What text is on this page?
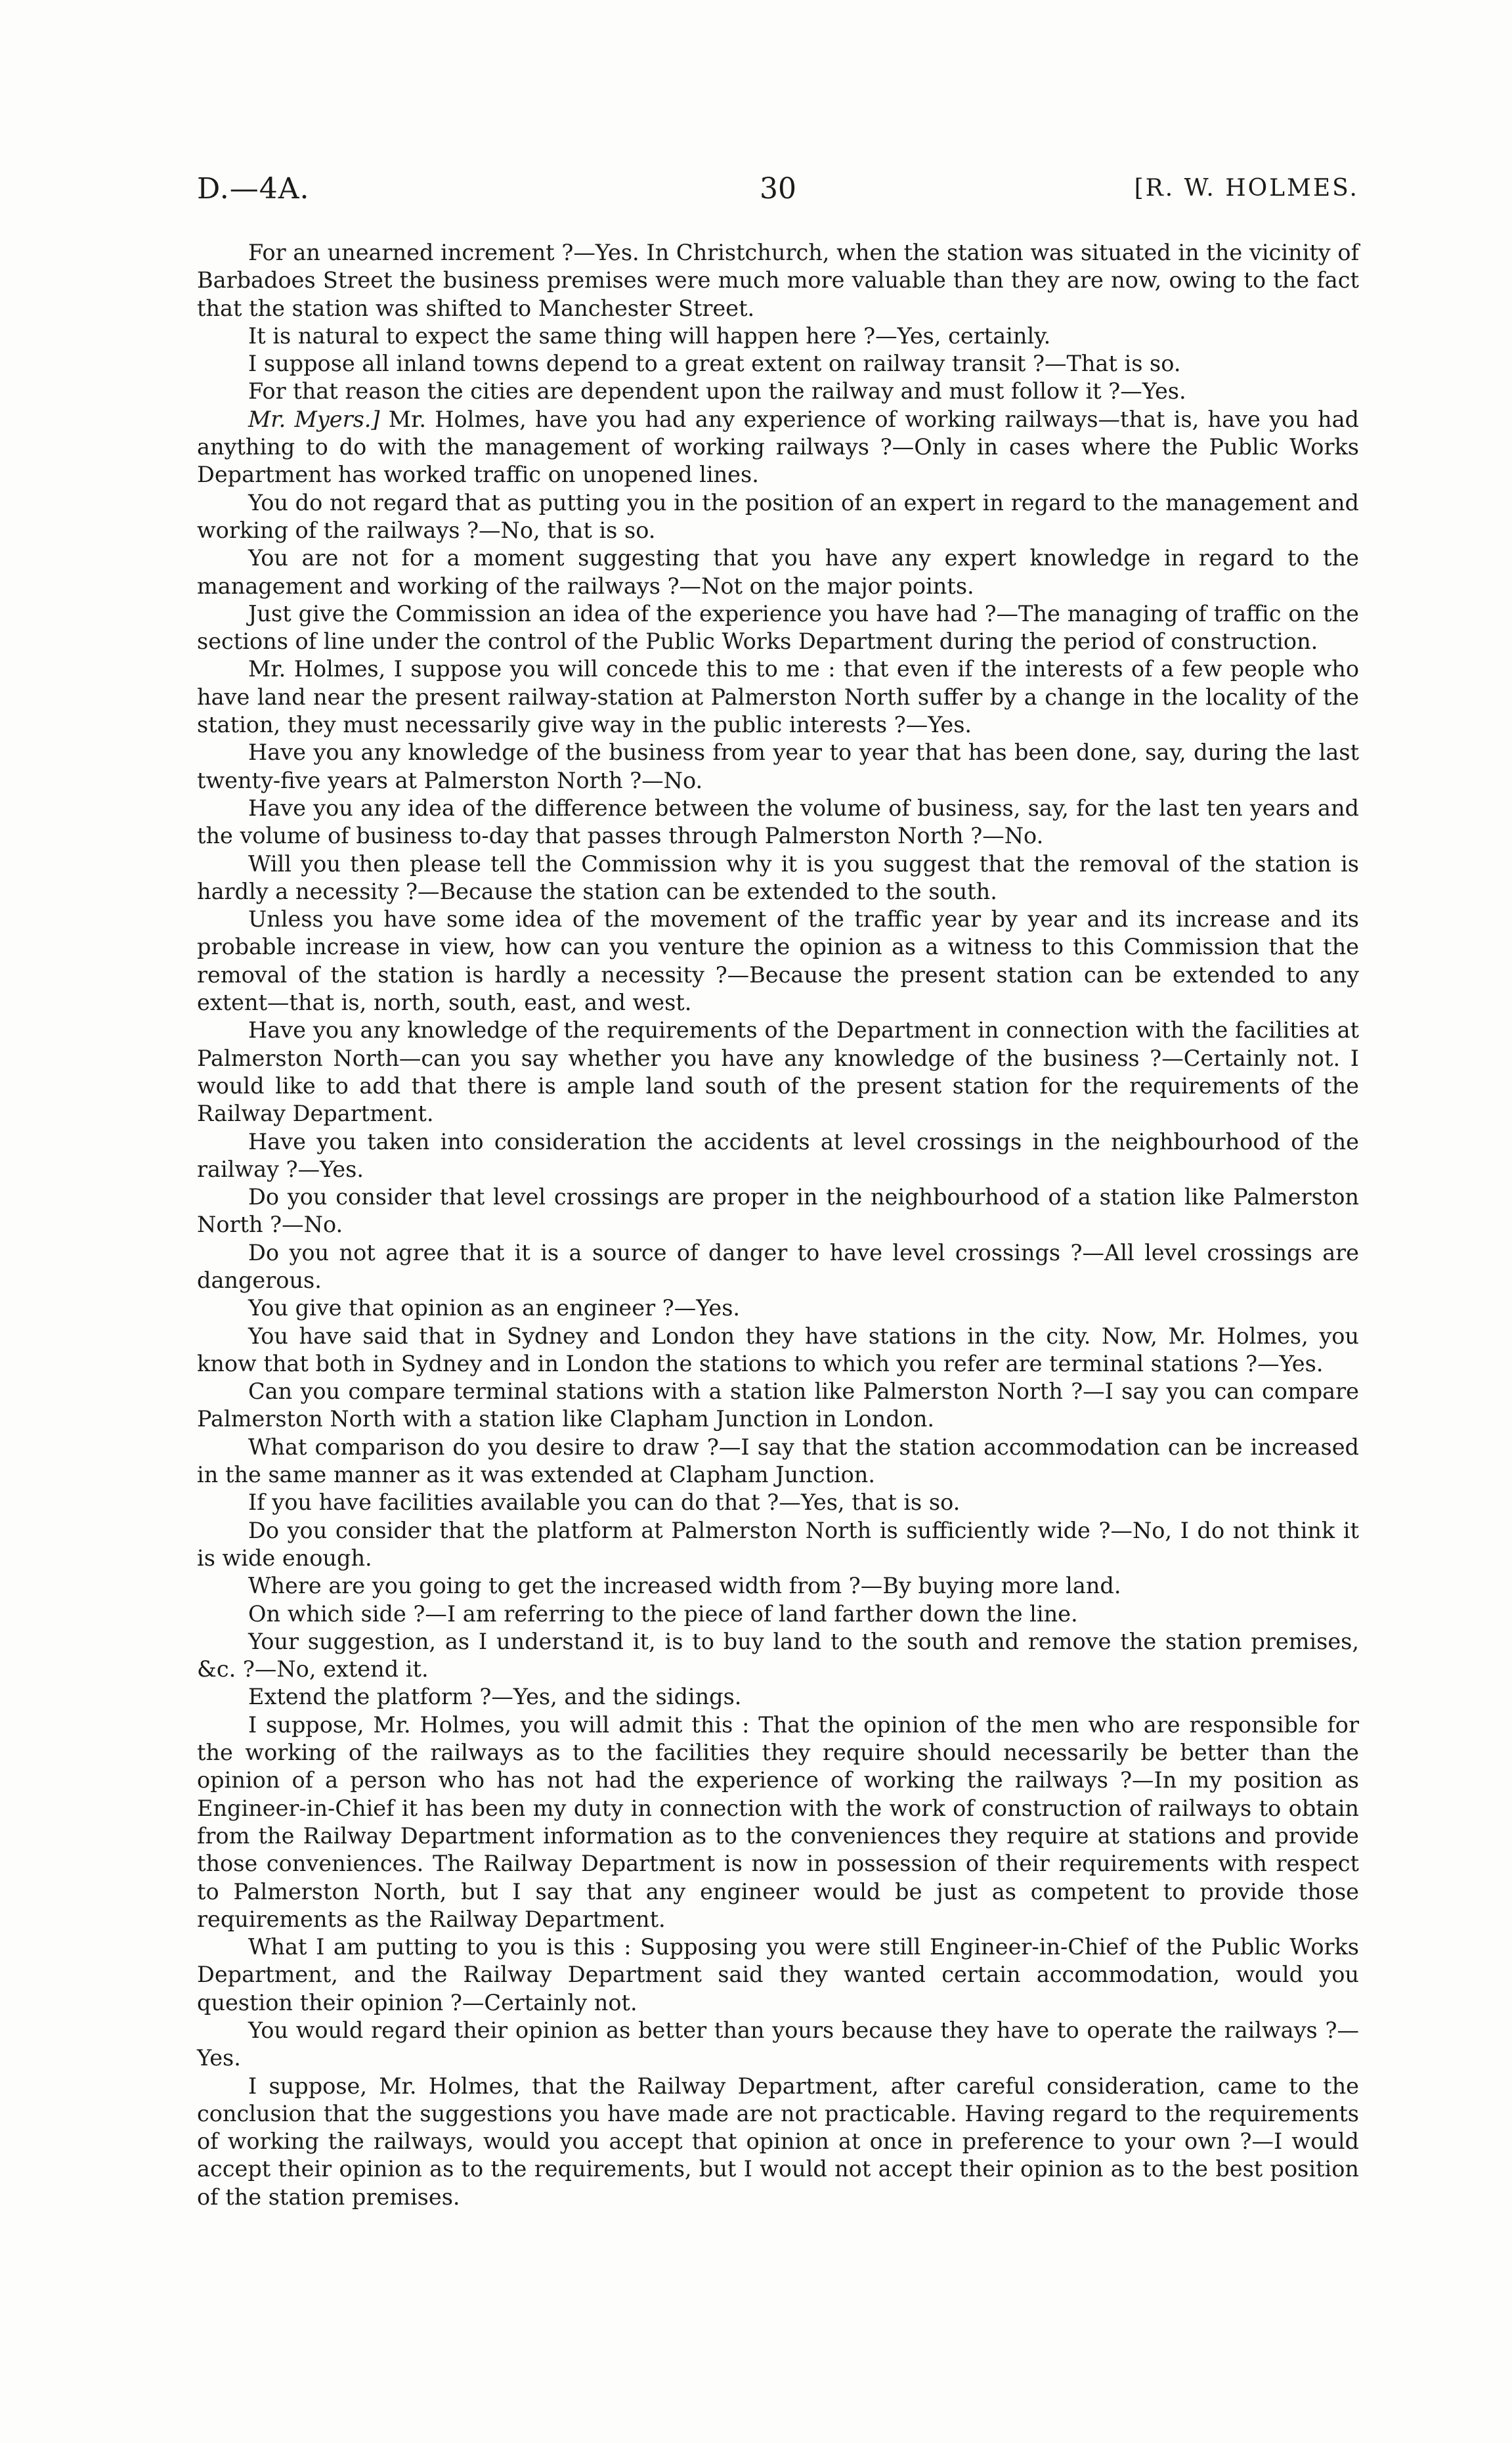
D.—4A.	30	[R. W. HOLMES.

For an unearned increment ?—Yes. In Christchurch, when the station was situated in the vicinity of Barbadoes Street the business premises were much more valuable than they are now, owing to the fact that the station was shifted to Manchester Street.

It is natural to expect the same thing will happen here ?—Yes, certainly.

I suppose all inland towns depend to a great extent on railway transit ?—That is so.

For that reason the cities are dependent upon the railway and must follow it ?—Yes.

Mr. Myers.] Mr. Holmes, have you had any experience of working railways—that is, have you had anything to do with the management of working railways ?—Only in cases where the Public Works Department has worked traffic on unopened lines.

You do not regard that as putting you in the position of an expert in regard to the management and working of the railways ?—No, that is so.

You are not for a moment suggesting that you have any expert knowledge in regard to the management and working of the railways ?—Not on the major points.

Just give the Commission an idea of the experience you have had ?—The managing of traffic on the sections of line under the control of the Public Works Department during the period of construction.

Mr. Holmes, I suppose you will concede this to me : that even if the interests of a few people who have land near the present railway-station at Palmerston North suffer by a change in the locality of the station, they must necessarily give way in the public interests ?—Yes.

Have you any knowledge of the business from year to year that has been done, say, during the last twenty-five years at Palmerston North ?—No.

Have you any idea of the difference between the volume of business, say, for the last ten years and the volume of business to-day that passes through Palmerston North ?—No.

Will you then please tell the Commission why it is you suggest that the removal of the station is hardly a necessity ?—Because the station can be extended to the south.

Unless you have some idea of the movement of the traffic year by year and its increase and its probable increase in view, how can you venture the opinion as a witness to this Commission that the removal of the station is hardly a necessity ?—Because the present station can be extended to any extent—that is, north, south, east, and west.

Have you any knowledge of the requirements of the Department in connection with the facilities at Palmerston North—can you say whether you have any knowledge of the business ?—Certainly not. I would like to add that there is ample land south of the present station for the requirements of the Railway Department.

Have you taken into consideration the accidents at level crossings in the neighbourhood of the railway ?—Yes.

Do you consider that level crossings are proper in the neighbourhood of a station like Palmerston North ?—No.

Do you not agree that it is a source of danger to have level crossings ?—All level crossings are dangerous.

You give that opinion as an engineer ?—Yes.

You have said that in Sydney and London they have stations in the city. Now, Mr. Holmes, you know that both in Sydney and in London the stations to which you refer are terminal stations ?—Yes.

Can you compare terminal stations with a station like Palmerston North ?—I say you can compare Palmerston North with a station like Clapham Junction in London.

What comparison do you desire to draw ?—I say that the station accommodation can be increased in the same manner as it was extended at Clapham Junction.

If you have facilities available you can do that ?—Yes, that is so.

Do you consider that the platform at Palmerston North is sufficiently wide ?—No, I do not think it is wide enough.

Where are you going to get the increased width from ?—By buying more land.

On which side ?—I am referring to the piece of land farther down the line.

Your suggestion, as I understand it, is to buy land to the south and remove the station premises, &c. ?—No, extend it.

Extend the platform ?—Yes, and the sidings.

I suppose, Mr. Holmes, you will admit this : That the opinion of the men who are responsible for the working of the railways as to the facilities they require should necessarily be better than the opinion of a person who has not had the experience of working the railways ?—In my position as Engineer-in-Chief it has been my duty in connection with the work of construction of railways to obtain from the Railway Department information as to the conveniences they require at stations and provide those conveniences. The Railway Department is now in possession of their requirements with respect to Palmerston North, but I say that any engineer would be just as competent to provide those requirements as the Railway Department.

What I am putting to you is this : Supposing you were still Engineer-in-Chief of the Public Works Department, and the Railway Department said they wanted certain accommodation, would you question their opinion ?—Certainly not.

You would regard their opinion as better than yours because they have to operate the railways ?—Yes.

I suppose, Mr. Holmes, that the Railway Department, after careful consideration, came to the conclusion that the suggestions you have made are not practicable. Having regard to the requirements of working the railways, would you accept that opinion at once in preference to your own ?—I would accept their opinion as to the requirements, but I would not accept their opinion as to the best position of the station premises.
